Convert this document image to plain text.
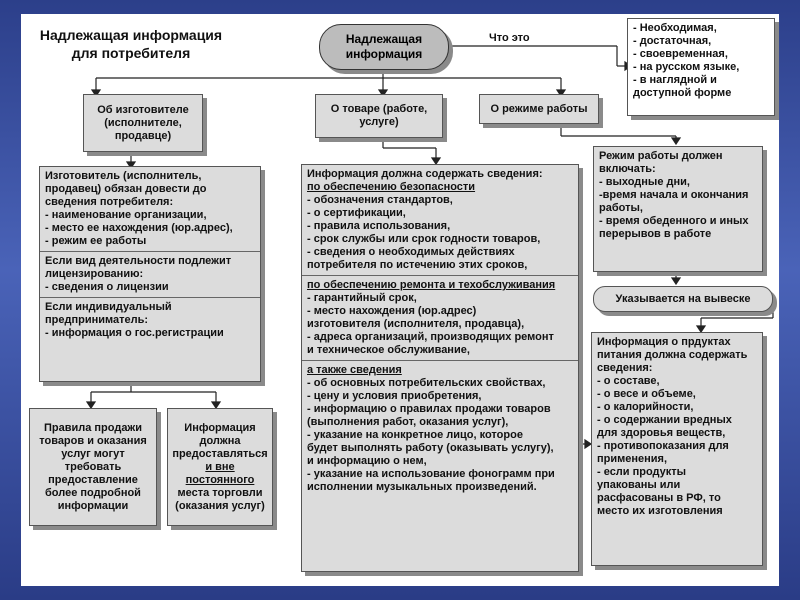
Надлежащая информация
для потребителя
Надлежащая
информация
Что это
- Необходимая,
- достаточная,
- своевременная,
- на русском языке,
- в наглядной и
доступной форме
Об изготовителе
(исполнителе,
продавце)
О товаре (работе,
услуге)
О режиме работы
Изготовитель (исполнитель,
продавец) обязан довести до
сведения потребителя:
- наименование организации,
- место ее нахождения (юр.адрес),
- режим ее работы
Если вид деятельности подлежит
лицензированию:
- сведения о лицензии
Если индивидуальный
предприниматель:
- информация о гос.регистрации
Правила продажи
товаров и оказания
услуг могут
требовать
предоставление
более подробной
информации
Информация
должна
предоставляться
и вне
постоянного
места торговли
(оказания услуг)
Информация должна содержать сведения:
по обеспечению безопасности
- обозначения стандартов,
- о сертификации,
- правила использования,
- срок службы или срок годности товаров,
- сведения о необходимых действиях
потребителя по истечению этих сроков,
по обеспечению ремонта и техобслуживания
- гарантийный срок,
- место нахождения (юр.адрес)
изготовителя (исполнителя, продавца),
- адреса организаций, производящих ремонт
и техническое обслуживание,
а также сведения
- об основных потребительских свойствах,
- цену и условия приобретения,
- информацию о правилах продажи товаров
(выполнения работ, оказания услуг),
- указание на конкретное лицо, которое
будет выполнять работу (оказывать услугу),
и информацию о нем,
- указание на использование фонограмм при
исполнении музыкальных произведений.
Режим работы должен
включать:
- выходные дни,
-время начала и окончания
работы,
- время обеденного и иных
перерывов в работе
Указывается на вывеске
Информация о прдуктах
питания должна содержать
сведения:
- о составе,
- о весе и объеме,
- о калорийности,
- о содержании вредных
для здоровья веществ,
- противопоказания для
применения,
- если продукты
упакованы или
расфасованы в РФ, то
место их изготовления
